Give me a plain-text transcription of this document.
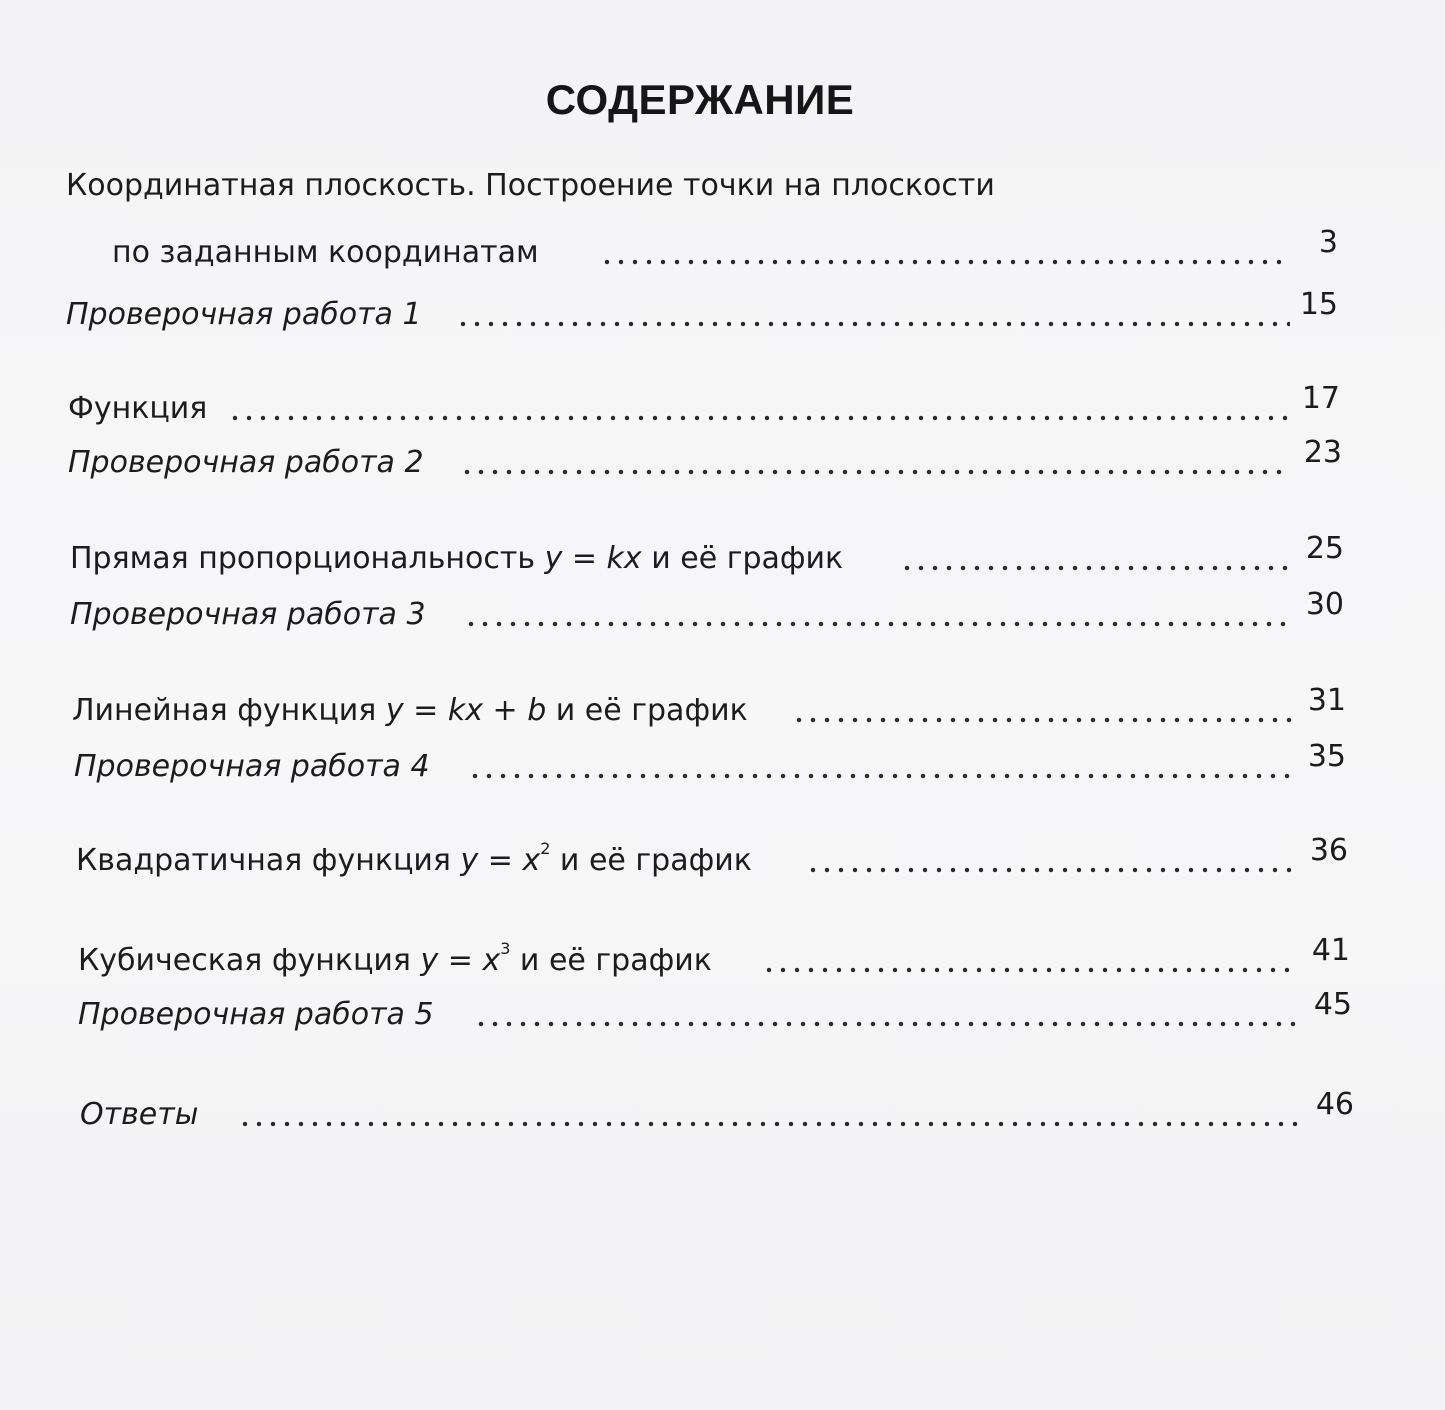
СОДЕРЖАНИЕ
Координатная плоскость. Построение точки на плоскости
по заданным координатам	3
Проверочная работа 1	15
Функция	17
Проверочная работа 2	23
Прямая пропорциональность y = kx и её график	25
Проверочная работа 3	30
Линейная функция y = kx + b и её график	31
Проверочная работа 4	35
Квадратичная функция $y = x^2$ и её график	36
Кубическая функция $y = x^3$ и её график	41
Проверочная работа 5	45
Ответы	46
